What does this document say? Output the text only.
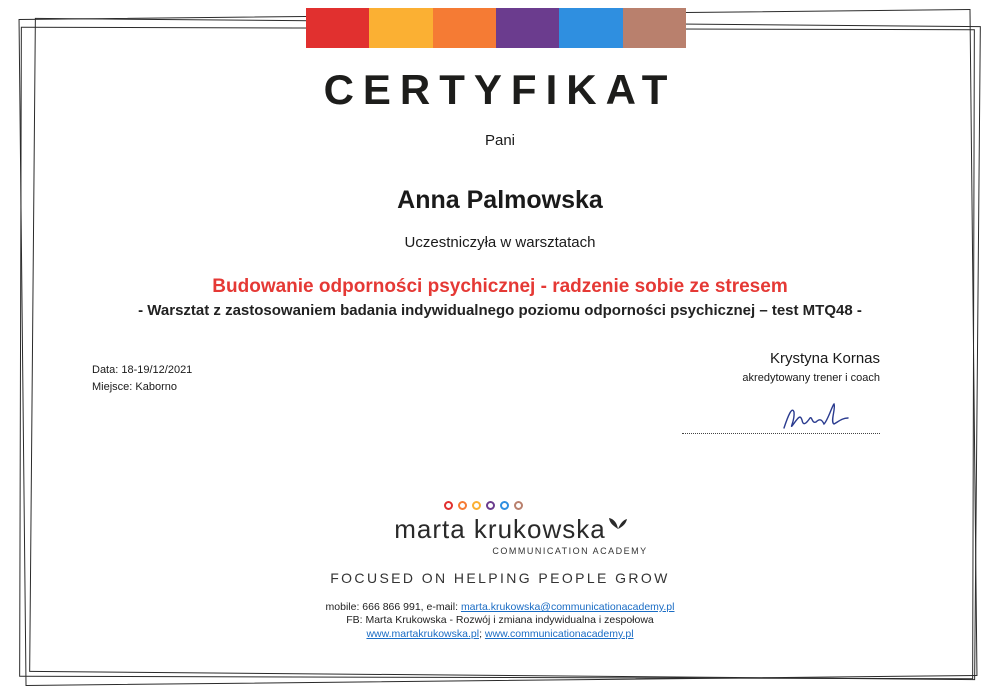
CERTYFIKAT
Pani
Anna Palmowska
Uczestniczyła w warsztatach
Budowanie odporności psychicznej - radzenie sobie ze stresem
- Warsztat z zastosowaniem badania indywidualnego poziomu odporności psychicznej – test MTQ48 -
Data: 18-19/12/2021
Miejsce: Kaborno
Krystyna Kornas
akredytowany trener i coach
marta krukowska
COMMUNICATION ACADEMY
FOCUSED ON HELPING PEOPLE GROW
mobile: 666 866 991, e-mail: marta.krukowska@communicationacademy.pl
FB: Marta Krukowska - Rozwój i zmiana indywidualna i zespołowa
www.martakrukowska.pl; www.communicationacademy.pl
